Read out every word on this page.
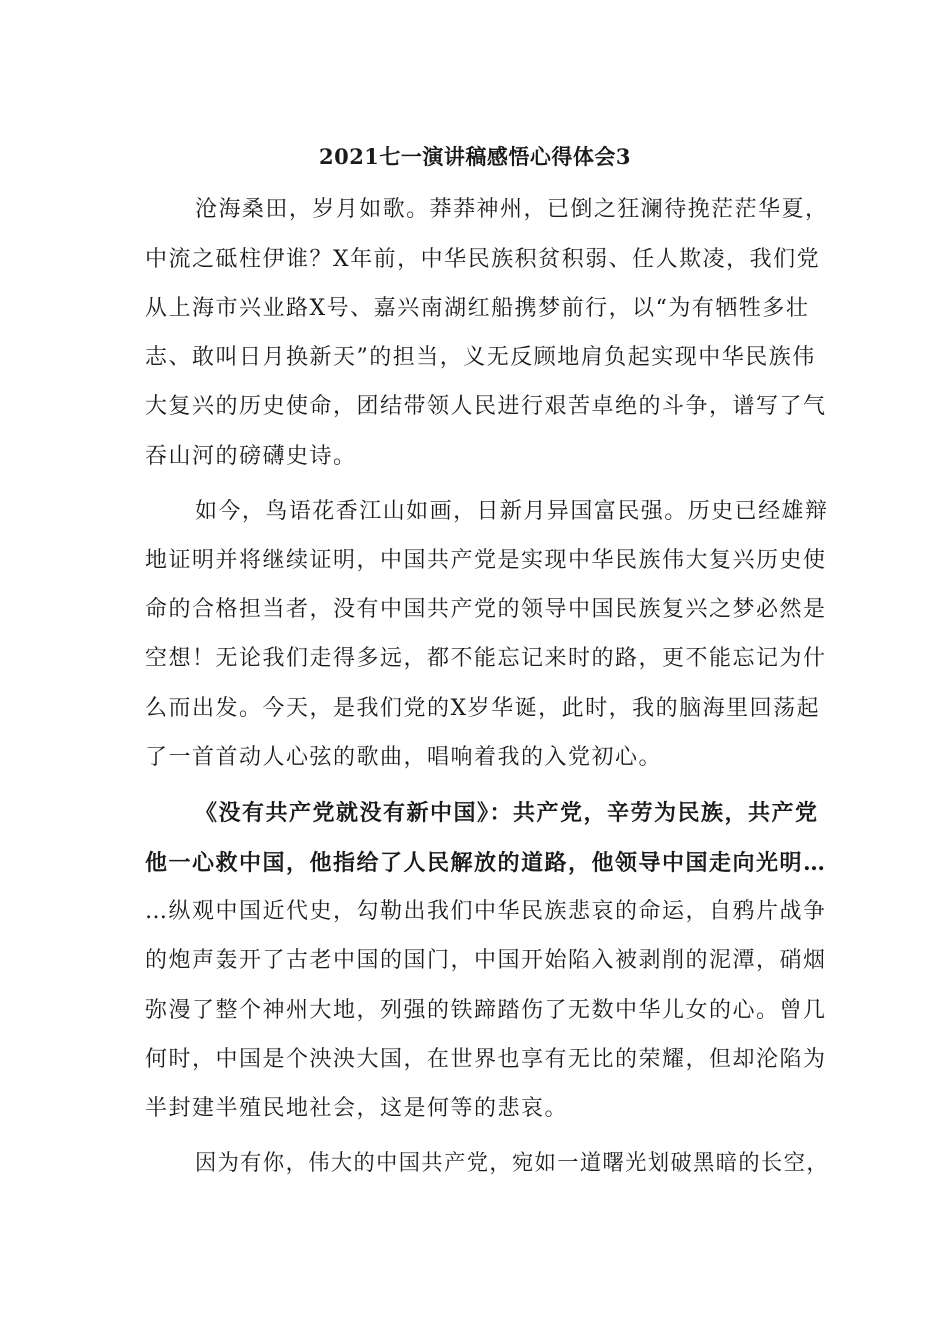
2021七一演讲稿感悟心得体会3
沧海桑田，岁月如歌。莽莽神州，已倒之狂澜待挽茫茫华夏，
中流之砥柱伊谁？X年前，中华民族积贫积弱、任人欺凌，我们党
从上海市兴业路X号、嘉兴南湖红船携梦前行，以“为有牺牲多壮
志、敢叫日月换新天”的担当，义无反顾地肩负起实现中华民族伟
大复兴的历史使命，团结带领人民进行艰苦卓绝的斗争，谱写了气
吞山河的磅礴史诗。
如今，鸟语花香江山如画，日新月异国富民强。历史已经雄辩
地证明并将继续证明，中国共产党是实现中华民族伟大复兴历史使
命的合格担当者，没有中国共产党的领导中国民族复兴之梦必然是
空想！无论我们走得多远，都不能忘记来时的路，更不能忘记为什
么而出发。今天，是我们党的X岁华诞，此时，我的脑海里回荡起
了一首首动人心弦的歌曲，唱响着我的入党初心。
《没有共产党就没有新中国》：共产党，辛劳为民族，共产党
他一心救中国，他指给了人民解放的道路，他领导中国走向光明…
…纵观中国近代史，勾勒出我们中华民族悲哀的命运，自鸦片战争
的炮声轰开了古老中国的国门，中国开始陷入被剥削的泥潭，硝烟
弥漫了整个神州大地，列强的铁蹄踏伤了无数中华儿女的心。曾几
何时，中国是个泱泱大国，在世界也享有无比的荣耀，但却沦陷为
半封建半殖民地社会，这是何等的悲哀。
因为有你，伟大的中国共产党，宛如一道曙光划破黑暗的长空，
